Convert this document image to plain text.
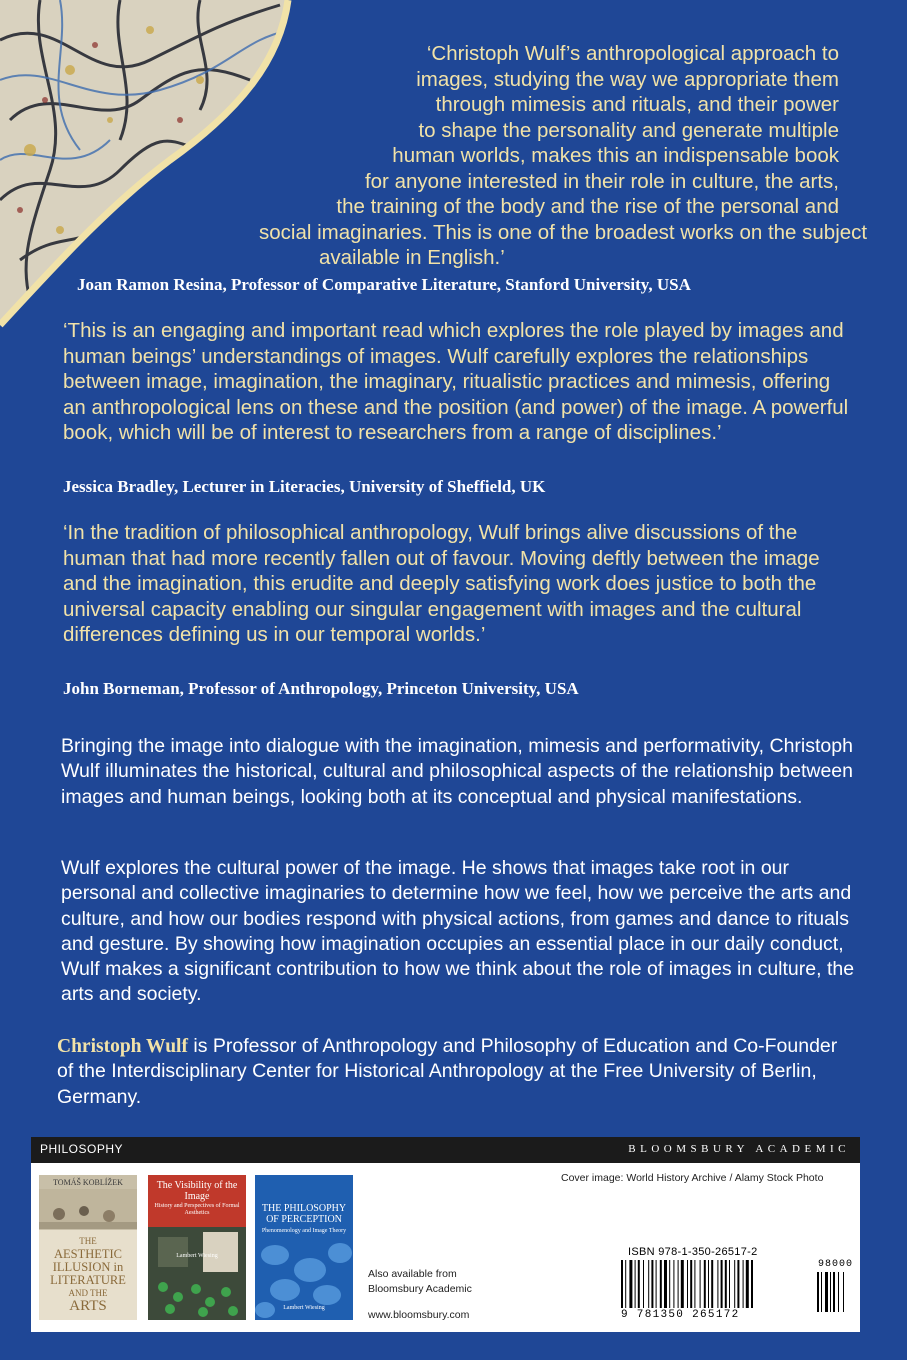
‘Christoph Wulf’s anthropological approach to
images, studying the way we appropriate them
through mimesis and rituals, and their power
to shape the personality and generate multiple
human worlds, makes this an indispensable book
for anyone interested in their role in culture, the arts,
the training of the body and the rise of the personal and
social imaginaries. This is one of the broadest works on the subject
available in English.’
Joan Ramon Resina, Professor of Comparative Literature, Stanford University, USA
‘This is an engaging and important read which explores the role played by images and human beings’ understandings of images. Wulf carefully explores the relationships between image, imagination, the imaginary, ritualistic practices and mimesis, offering an anthropological lens on these and the position (and power) of the image. A powerful book, which will be of interest to researchers from a range of disciplines.’
Jessica Bradley, Lecturer in Literacies, University of Sheffield, UK
‘In the tradition of philosophical anthropology, Wulf brings alive discussions of the human that had more recently fallen out of favour. Moving deftly between the image and the imagination, this erudite and deeply satisfying work does justice to both the universal capacity enabling our singular engagement with images and the cultural differences defining us in our temporal worlds.’
John Borneman, Professor of Anthropology, Princeton University, USA
Bringing the image into dialogue with the imagination, mimesis and performativity, Christoph Wulf illuminates the historical, cultural and philosophical aspects of the relationship between images and human beings, looking both at its conceptual and physical manifestations.
Wulf explores the cultural power of the image. He shows that images take root in our personal and collective imaginaries to determine how we feel, how we perceive the arts and culture, and how our bodies respond with physical actions, from games and dance to rituals and gesture. By showing how imagination occupies an essential place in our daily conduct, Wulf makes a significant contribution to how we think about the role of images in culture, the arts and society.
Christoph Wulf is Professor of Anthropology and Philosophy of Education and Co-Founder of the Interdisciplinary Center for Historical Anthropology at the Free University of Berlin, Germany.
PHILOSOPHY	BLOOMSBURY ACADEMIC
TOMÁŠ KOBLÍŽEK
THE
AESTHETIC
ILLUSION in
LITERATURE
AND THE
ARTS
The Visibility of the Image
History and Perspectives of Formal Aesthetics
Lambert Wiesing
THE PHILOSOPHY
OF PERCEPTION
Phenomenology and Image Theory
Lambert Wiesing
Cover image: World History Archive / Alamy Stock Photo
Also available from
Bloomsbury Academic
www.bloomsbury.com
ISBN 978-1-350-26517-2
98000
9 781350 265172
